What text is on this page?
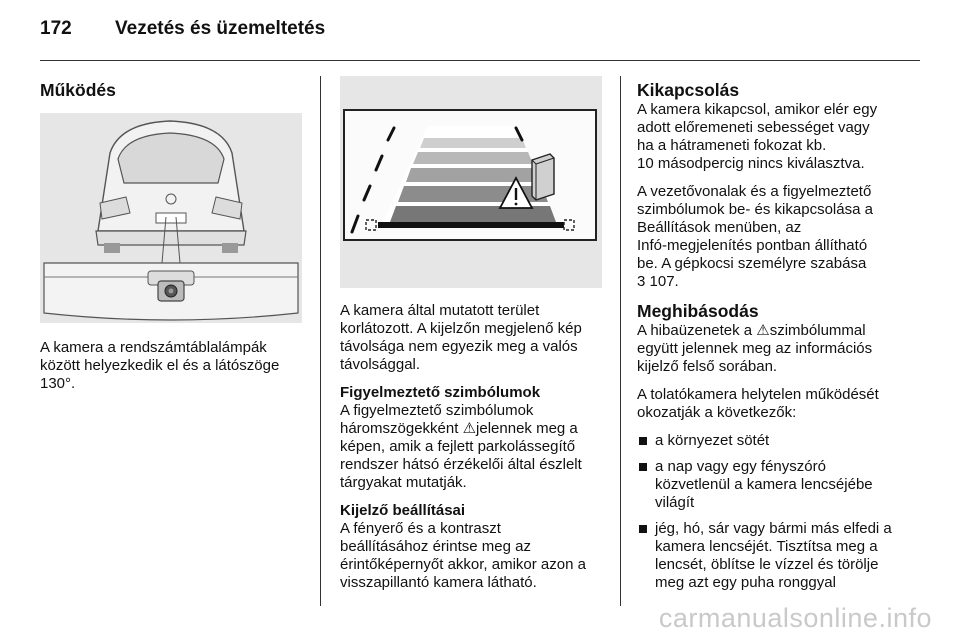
172	Vezetés és üzemeltetés
Működés

A kamera a rendszámtáblalámpák
között helyezkedik el és a látószöge
130°.

A kamera által mutatott terület
korlátozott. A kijelzőn megjelenő kép
távolsága nem egyezik meg a valós
távolsággal.

Figyelmeztető szimbólumok
A figyelmeztető szimbólumok
háromszögekként ⚠jelennek meg a
képen, amik a fejlett parkolássegítő
rendszer hátsó érzékelői által észlelt
tárgyakat mutatják.

Kijelző beállításai
A fényerő és a kontraszt
beállításához érintse meg az
érintőképernyőt akkor, amikor azon a
visszapillantó kamera látható.

Kikapcsolás
A kamera kikapcsol, amikor elér egy
adott előremeneti sebességet vagy
ha a hátrameneti fokozat kb.
10 másodpercig nincs kiválasztva.

A vezetővonalak és a figyelmeztető
szimbólumok be- és kikapcsolása a
Beállítások menüben, az
Infó-megjelenítés pontban állítható
be. A gépkocsi személyre szabása
3 107.

Meghibásodás
A hibaüzenetek a ⚠szimbólummal
együtt jelennek meg az információs
kijelző felső sorában.

A tolatókamera helytelen működését
okozatják a következők:

a környezet sötét
a nap vagy egy fényszóró
közvetlenül a kamera lencséjébe
világít
jég, hó, sár vagy bármi más elfedi a
kamera lencséjét. Tisztítsa meg a
lencsét, öblítse le vízzel és törölje
meg azt egy puha ronggyal
carmanualsonline.info
